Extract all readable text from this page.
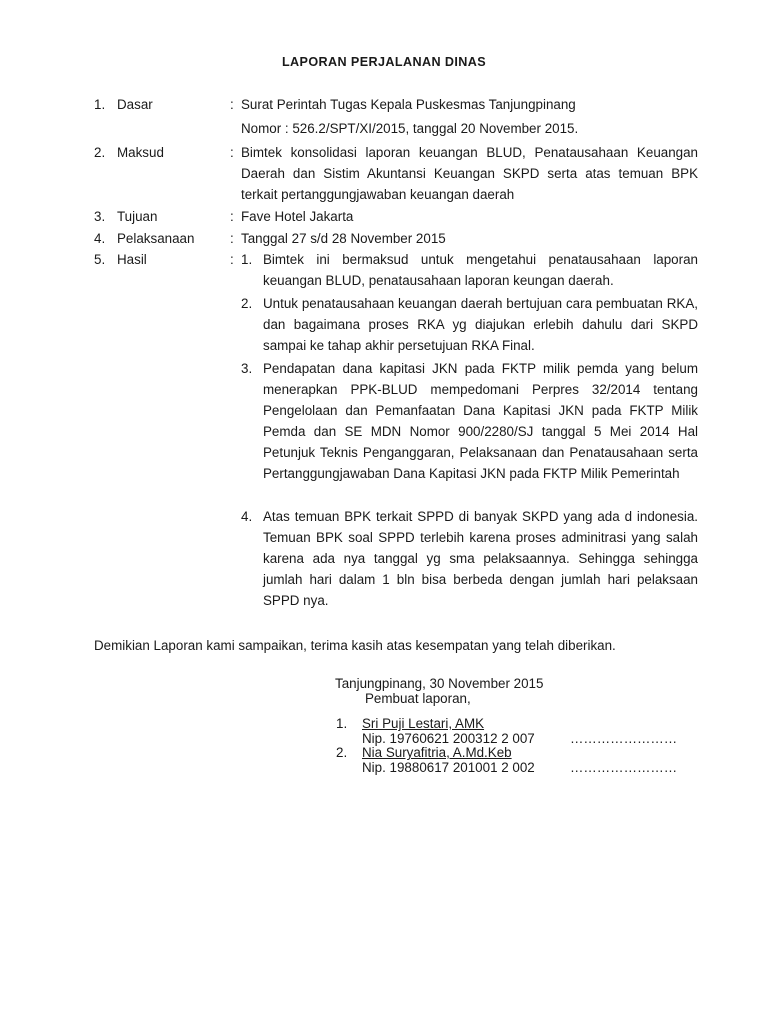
LAPORAN PERJALANAN DINAS
1. Dasar	: Surat Perintah Tugas Kepala Puskesmas Tanjungpinang
Nomor : 526.2/SPT/XI/2015, tanggal 20 November 2015.
2. Maksud	: Bimtek konsolidasi laporan keuangan BLUD, Penatausahaan Keuangan Daerah dan Sistim Akuntansi Keuangan SKPD serta atas temuan BPK terkait pertanggungjawaban keuangan daerah
3. Tujuan	: Fave Hotel Jakarta
4. Pelaksanaan	: Tanggal 27 s/d 28 November 2015
5. Hasil	: 1. Bimtek ini bermaksud untuk mengetahui penatausahaan laporan keuangan BLUD, penatausahaan laporan keungan daerah.
2. Untuk penatausahaan keuangan daerah bertujuan cara pembuatan RKA, dan bagaimana proses RKA yg diajukan erlebih dahulu dari SKPD sampai ke tahap akhir persetujuan RKA Final.
3. Pendapatan dana kapitasi JKN pada FKTP milik pemda yang belum menerapkan PPK-BLUD mempedomani Perpres 32/2014 tentang Pengelolaan dan Pemanfaatan Dana Kapitasi JKN pada FKTP Milik Pemda dan SE MDN Nomor 900/2280/SJ tanggal 5 Mei 2014 Hal Petunjuk Teknis Penganggaran, Pelaksanaan dan Penatausahaan serta Pertanggungjawaban Dana Kapitasi JKN pada FKTP Milik Pemerintah
4. Atas temuan BPK terkait SPPD di banyak SKPD yang ada d indonesia. Temuan BPK soal SPPD terlebih karena proses adminitrasi yang salah karena ada nya tanggal yg sma pelaksaannya. Sehingga sehingga jumlah hari dalam 1 bln bisa berbeda dengan jumlah hari pelaksaan SPPD nya.
Demikian Laporan kami sampaikan, terima kasih atas kesempatan yang telah diberikan.
Tanjungpinang, 30 November 2015
Pembuat laporan,
1. Sri Puji Lestari, AMK
Nip. 19760621 200312 2 007	……………………
2. Nia Suryafitria, A.Md.Keb
Nip. 19880617 201001 2 002	……………………
